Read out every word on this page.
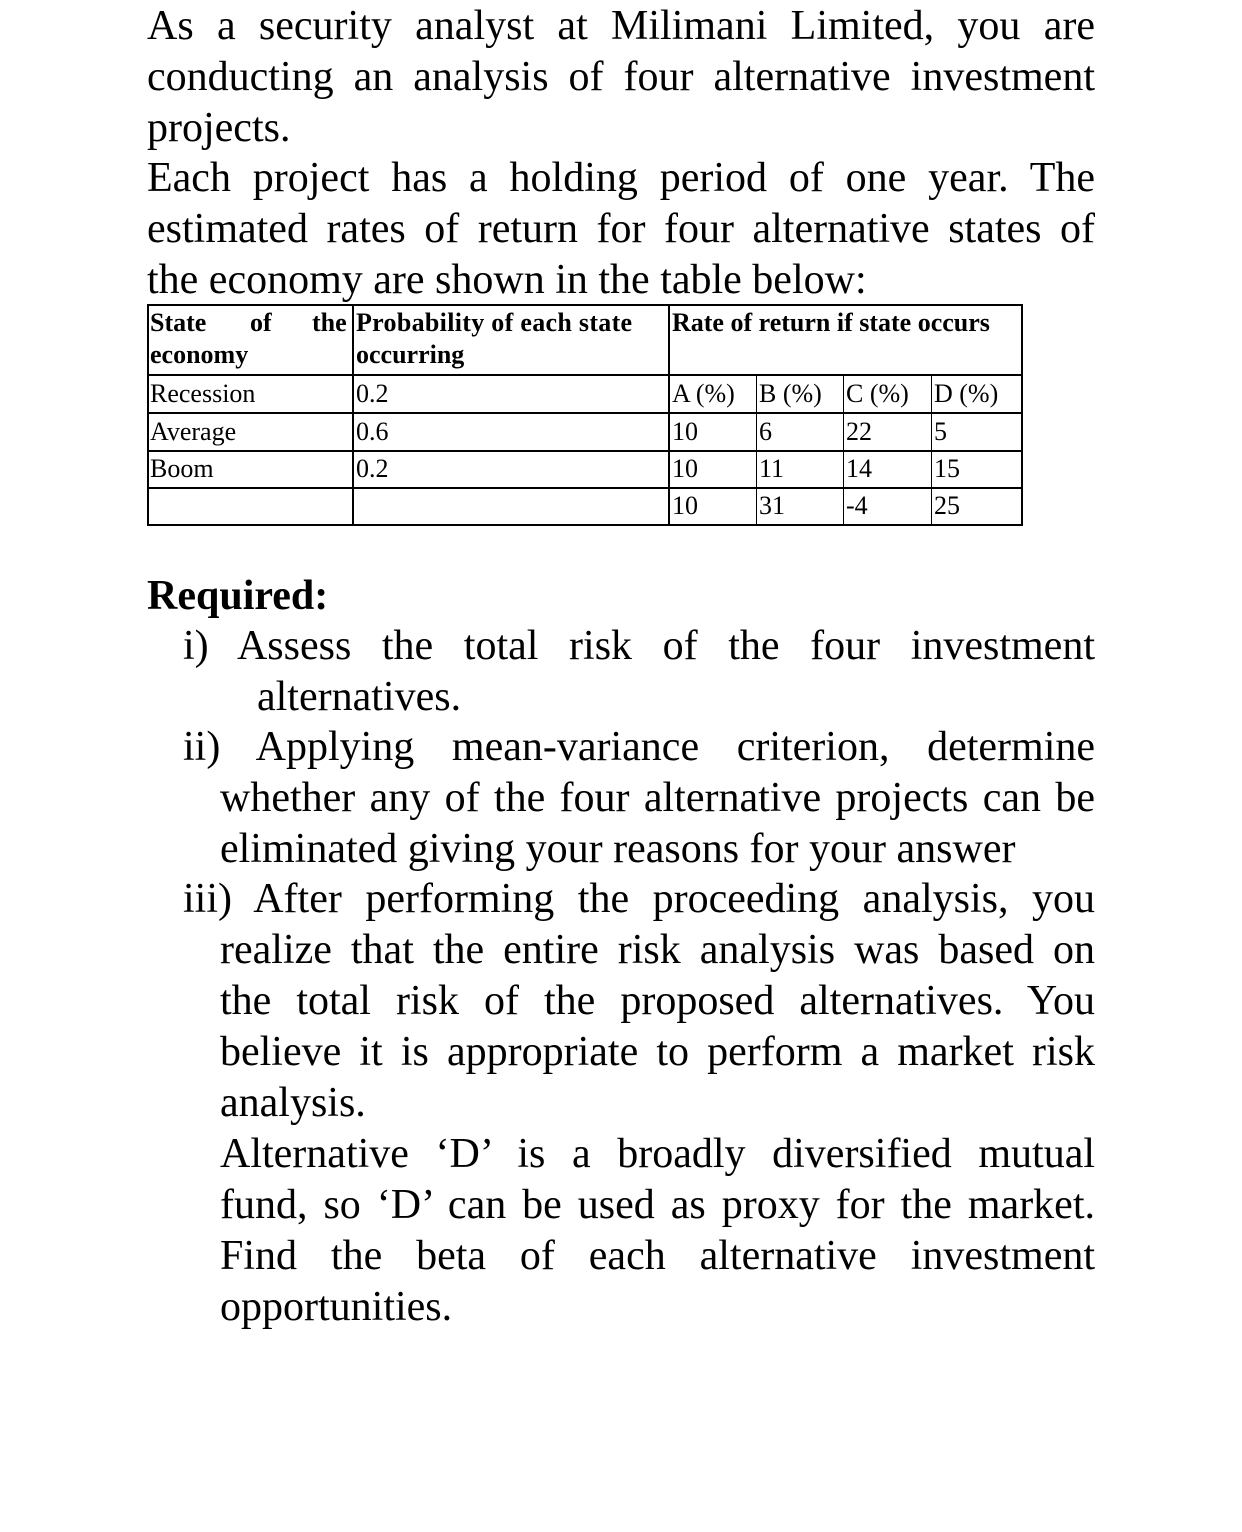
As a security analyst at Milimani Limited, you are
conducting an analysis of four alternative investment
projects.
Each project has a holding period of one year. The
estimated rates of return for four alternative states of
the economy are shown in the table below:
State of the
economy
Probability of each state
occurring
Rate of return if state occurs
Recession
Average
Boom
0.2
0.6
0.2
A (%) B (%) C (%) D (%)
10 6	22 5
10 11 14 15
10 31 -4	25
Required:
i) Assess the total risk of the four investment
alternatives.
ii) Applying mean-variance criterion, determine
whether any of the four alternative projects can be
eliminated giving your reasons for your answer
iii) After performing the proceeding analysis, you
realize that the entire risk analysis was based on
the total risk of the proposed alternatives. You
believe it is appropriate to perform a market risk
analysis.
Alternative ‘D’ is a broadly diversified mutual
fund, so ‘D’ can be used as proxy for the market.
Find the beta of each alternative investment
opportunities.
